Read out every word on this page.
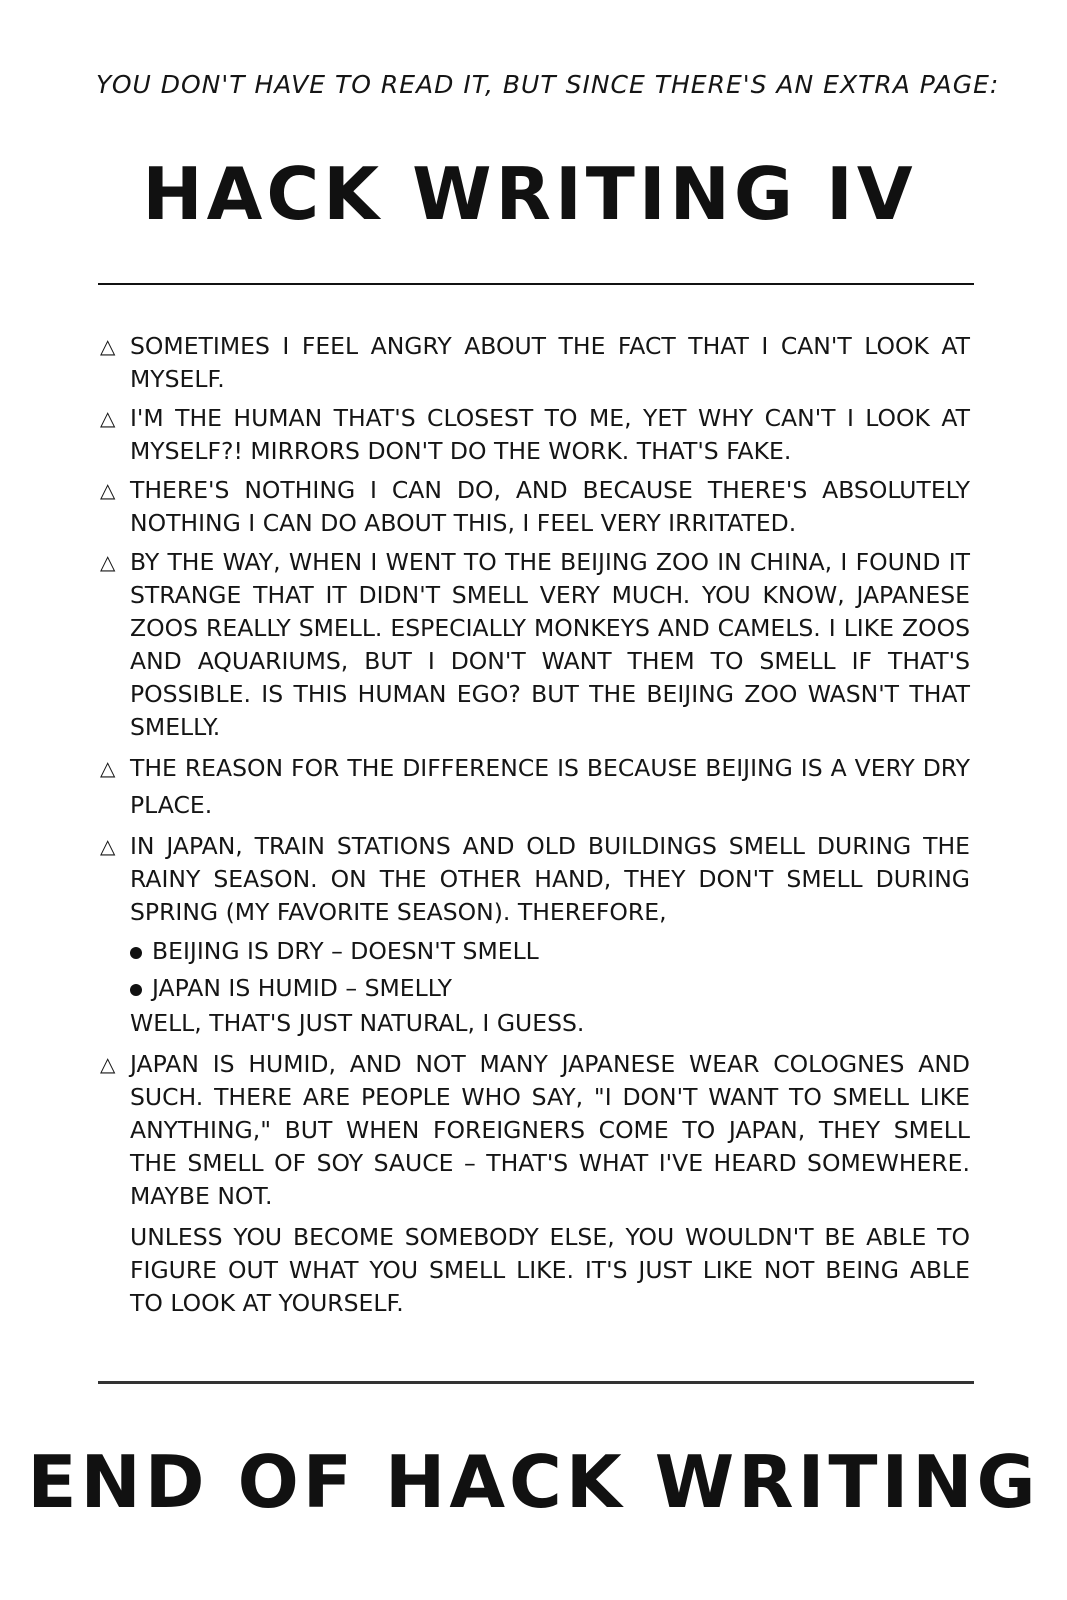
YOU DON'T HAVE TO READ IT, BUT SINCE THERE'S AN EXTRA PAGE:
HACK WRITING IV
△ SOMETIMES I FEEL ANGRY ABOUT THE FACT THAT I CAN'T LOOK AT MYSELF.
△ I'M THE HUMAN THAT'S CLOSEST TO ME, YET WHY CAN'T I LOOK AT MYSELF?! MIRRORS DON'T DO THE WORK. THAT'S FAKE.
△ THERE'S NOTHING I CAN DO, AND BECAUSE THERE'S ABSOLUTELY NOTHING I CAN DO ABOUT THIS, I FEEL VERY IRRITATED.
△ BY THE WAY, WHEN I WENT TO THE BEIJING ZOO IN CHINA, I FOUND IT STRANGE THAT IT DIDN'T SMELL VERY MUCH. YOU KNOW, JAPANESE ZOOS REALLY SMELL. ESPECIALLY MONKEYS AND CAMELS. I LIKE ZOOS AND AQUARIUMS, BUT I DON'T WANT THEM TO SMELL IF THAT'S POSSIBLE. IS THIS HUMAN EGO? BUT THE BEIJING ZOO WASN'T THAT SMELLY.
△ THE REASON FOR THE DIFFERENCE IS BECAUSE BEIJING IS A VERY DRY PLACE.
△ IN JAPAN, TRAIN STATIONS AND OLD BUILDINGS SMELL DURING THE RAINY SEASON. ON THE OTHER HAND, THEY DON'T SMELL DURING SPRING (MY FAVORITE SEASON). THEREFORE,
BEIJING IS DRY – DOESN'T SMELL
JAPAN IS HUMID – SMELLY
WELL, THAT'S JUST NATURAL, I GUESS.
△ JAPAN IS HUMID, AND NOT MANY JAPANESE WEAR COLOGNES AND SUCH. THERE ARE PEOPLE WHO SAY, "I DON'T WANT TO SMELL LIKE ANYTHING," BUT WHEN FOREIGNERS COME TO JAPAN, THEY SMELL THE SMELL OF SOY SAUCE – THAT'S WHAT I'VE HEARD SOMEWHERE. MAYBE NOT.
UNLESS YOU BECOME SOMEBODY ELSE, YOU WOULDN'T BE ABLE TO FIGURE OUT WHAT YOU SMELL LIKE. IT'S JUST LIKE NOT BEING ABLE TO LOOK AT YOURSELF.
END OF HACK WRITING
